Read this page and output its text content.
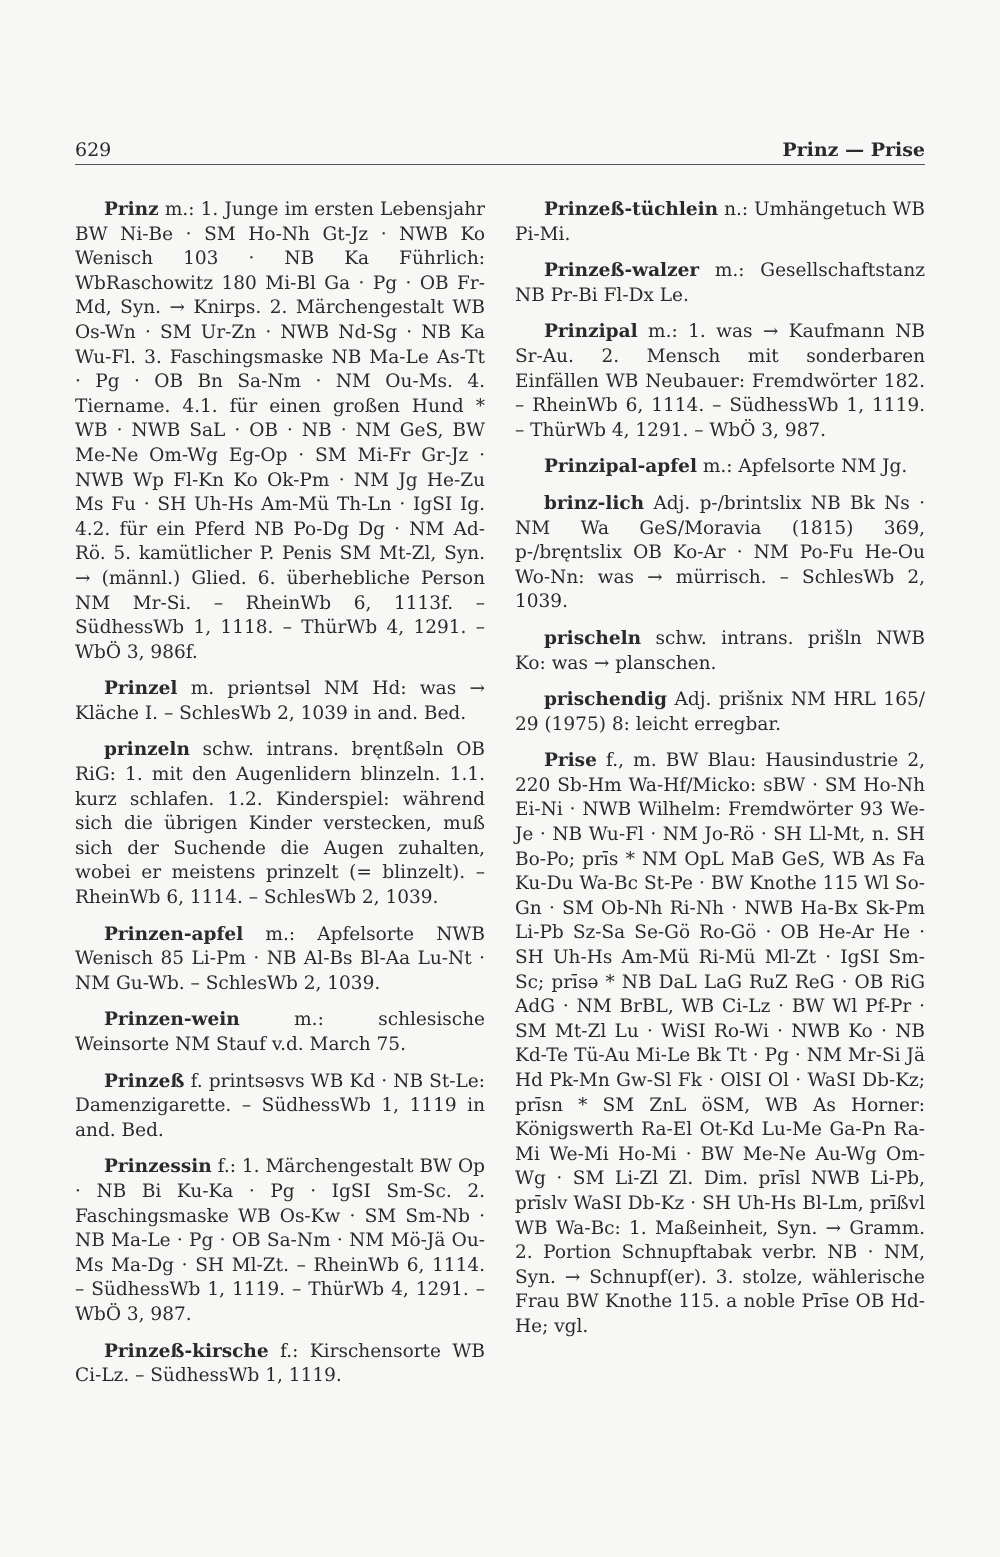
629	Prinz — Prise

Prinz m.: 1. Junge im ersten Lebensjahr BW Ni-Be · SM Ho-Nh Gt-Jz · NWB Ko Wenisch 103 · NB Ka Führlich: WbRaschowitz 180 Mi-Bl Ga · Pg · OB Fr-Md, Syn. → Knirps. 2. Märchengestalt WB Os-Wn · SM Ur-Zn · NWB Nd-Sg · NB Ka Wu-Fl. 3. Faschingsmaske NB Ma-Le As-Tt · Pg · OB Bn Sa-Nm · NM Ou-Ms. 4. Tiername. 4.1. für einen großen Hund * WB · NWB SaL · OB · NB · NM GeS, BW Me-Ne Om-Wg Eg-Op · SM Mi-Fr Gr-Jz · NWB Wp Fl-Kn Ko Ok-Pm · NM Jg He-Zu Ms Fu · SH Uh-Hs Am-Mü Th-Ln · IgSI Ig. 4.2. für ein Pferd NB Po-Dg Dg · NM Ad-Rö. 5. kamütlicher P. Penis SM Mt-Zl, Syn. → (männl.) Glied. 6. überhebliche Person NM Mr-Si. – RheinWb 6, 1113f. – SüdhessWb 1, 1118. – ThürWb 4, 1291. – WbÖ 3, 986f.

Prinzel m. priəntsəl NM Hd: was → Kläche I. – SchlesWb 2, 1039 in and. Bed.

prinzeln schw. intrans. bręntßəln OB RiG: 1. mit den Augenlidern blinzeln. 1.1. kurz schlafen. 1.2. Kinderspiel: während sich die übrigen Kinder verstecken, muß sich der Suchende die Augen zuhalten, wobei er meistens prinzelt (= blinzelt). – RheinWb 6, 1114. – SchlesWb 2, 1039.

Prinzen-apfel m.: Apfelsorte NWB Wenisch 85 Li-Pm · NB Al-Bs Bl-Aa Lu-Nt · NM Gu-Wb. – SchlesWb 2, 1039.

Prinzen-wein	m.: schlesische Weinsorte NM Stauf v.d. March 75.

Prinzeß f. printsəsvs WB Kd · NB St-Le: Damenzigarette. – SüdhessWb 1, 1119 in and. Bed.

Prinzessin f.: 1. Märchengestalt BW Op · NB Bi Ku-Ka · Pg · IgSI Sm-Sc. 2. Faschingsmaske WB Os-Kw · SM Sm-Nb · NB Ma-Le · Pg · OB Sa-Nm · NM Mö-Jä Ou-Ms Ma-Dg · SH Ml-Zt. – RheinWb 6, 1114. – SüdhessWb 1, 1119. – ThürWb 4, 1291. – WbÖ 3, 987.

Prinzeß-kirsche f.: Kirschensorte WB Ci-Lz. – SüdhessWb 1, 1119.

Prinzeß-tüchlein n.: Umhängetuch WB Pi-Mi.

Prinzeß-walzer m.: Gesellschaftstanz NB Pr-Bi Fl-Dx Le.

Prinzipal m.: 1. was → Kaufmann NB Sr-Au. 2. Mensch mit sonderbaren Einfällen WB Neubauer: Fremdwörter 182. – RheinWb 6, 1114. – SüdhessWb 1, 1119. – ThürWb 4, 1291. – WbÖ 3, 987.

Prinzipal-apfel m.: Apfelsorte NM Jg.

brinz-lich Adj. p-/brintslix NB Bk Ns · NM Wa GeS/Moravia (1815) 369, p-/bręntslix OB Ko-Ar · NM Po-Fu He-Ou Wo-Nn: was → mürrisch. – SchlesWb 2, 1039.

prischeln schw. intrans. prišln NWB Ko: was → planschen.

prischendig Adj. prišnix NM HRL 165/ 29 (1975) 8: leicht erregbar.

Prise f., m. BW Blau: Hausindustrie 2, 220 Sb-Hm Wa-Hf/Micko: sBW · SM Ho-Nh Ei-Ni · NWB Wilhelm: Fremdwörter 93 We-Je · NB Wu-Fl · NM Jo-Rö · SH Ll-Mt, n. SH Bo-Po; prīs * NM OpL MaB GeS, WB As Fa Ku-Du Wa-Bc St-Pe · BW Knothe 115 Wl So-Gn · SM Ob-Nh Ri-Nh · NWB Ha-Bx Sk-Pm Li-Pb Sz-Sa Se-Gö Ro-Gö · OB He-Ar He · SH Uh-Hs Am-Mü Ri-Mü Ml-Zt · IgSI Sm-Sc; prīsə * NB DaL LaG RuZ ReG · OB RiG AdG · NM BrBL, WB Ci-Lz · BW Wl Pf-Pr · SM Mt-Zl Lu · WiSI Ro-Wi · NWB Ko · NB Kd-Te Tü-Au Mi-Le Bk Tt · Pg · NM Mr-Si Jä Hd Pk-Mn Gw-Sl Fk · OlSI Ol · WaSI Db-Kz; prīsn * SM ZnL öSM, WB As Horner: Königswerth Ra-El Ot-Kd Lu-Me Ga-Pn Ra-Mi We-Mi Ho-Mi · BW Me-Ne Au-Wg Om-Wg · SM Li-Zl Zl. Dim. prīsl NWB Li-Pb, prīslv WaSI Db-Kz · SH Uh-Hs Bl-Lm, prīßvl WB Wa-Bc: 1. Maßeinheit, Syn. → Gramm. 2. Portion Schnupftabak verbr. NB · NM, Syn. → Schnupf(er). 3. stolze, wählerische Frau BW Knothe 115. a noble Prīse OB Hd-He; vgl.
